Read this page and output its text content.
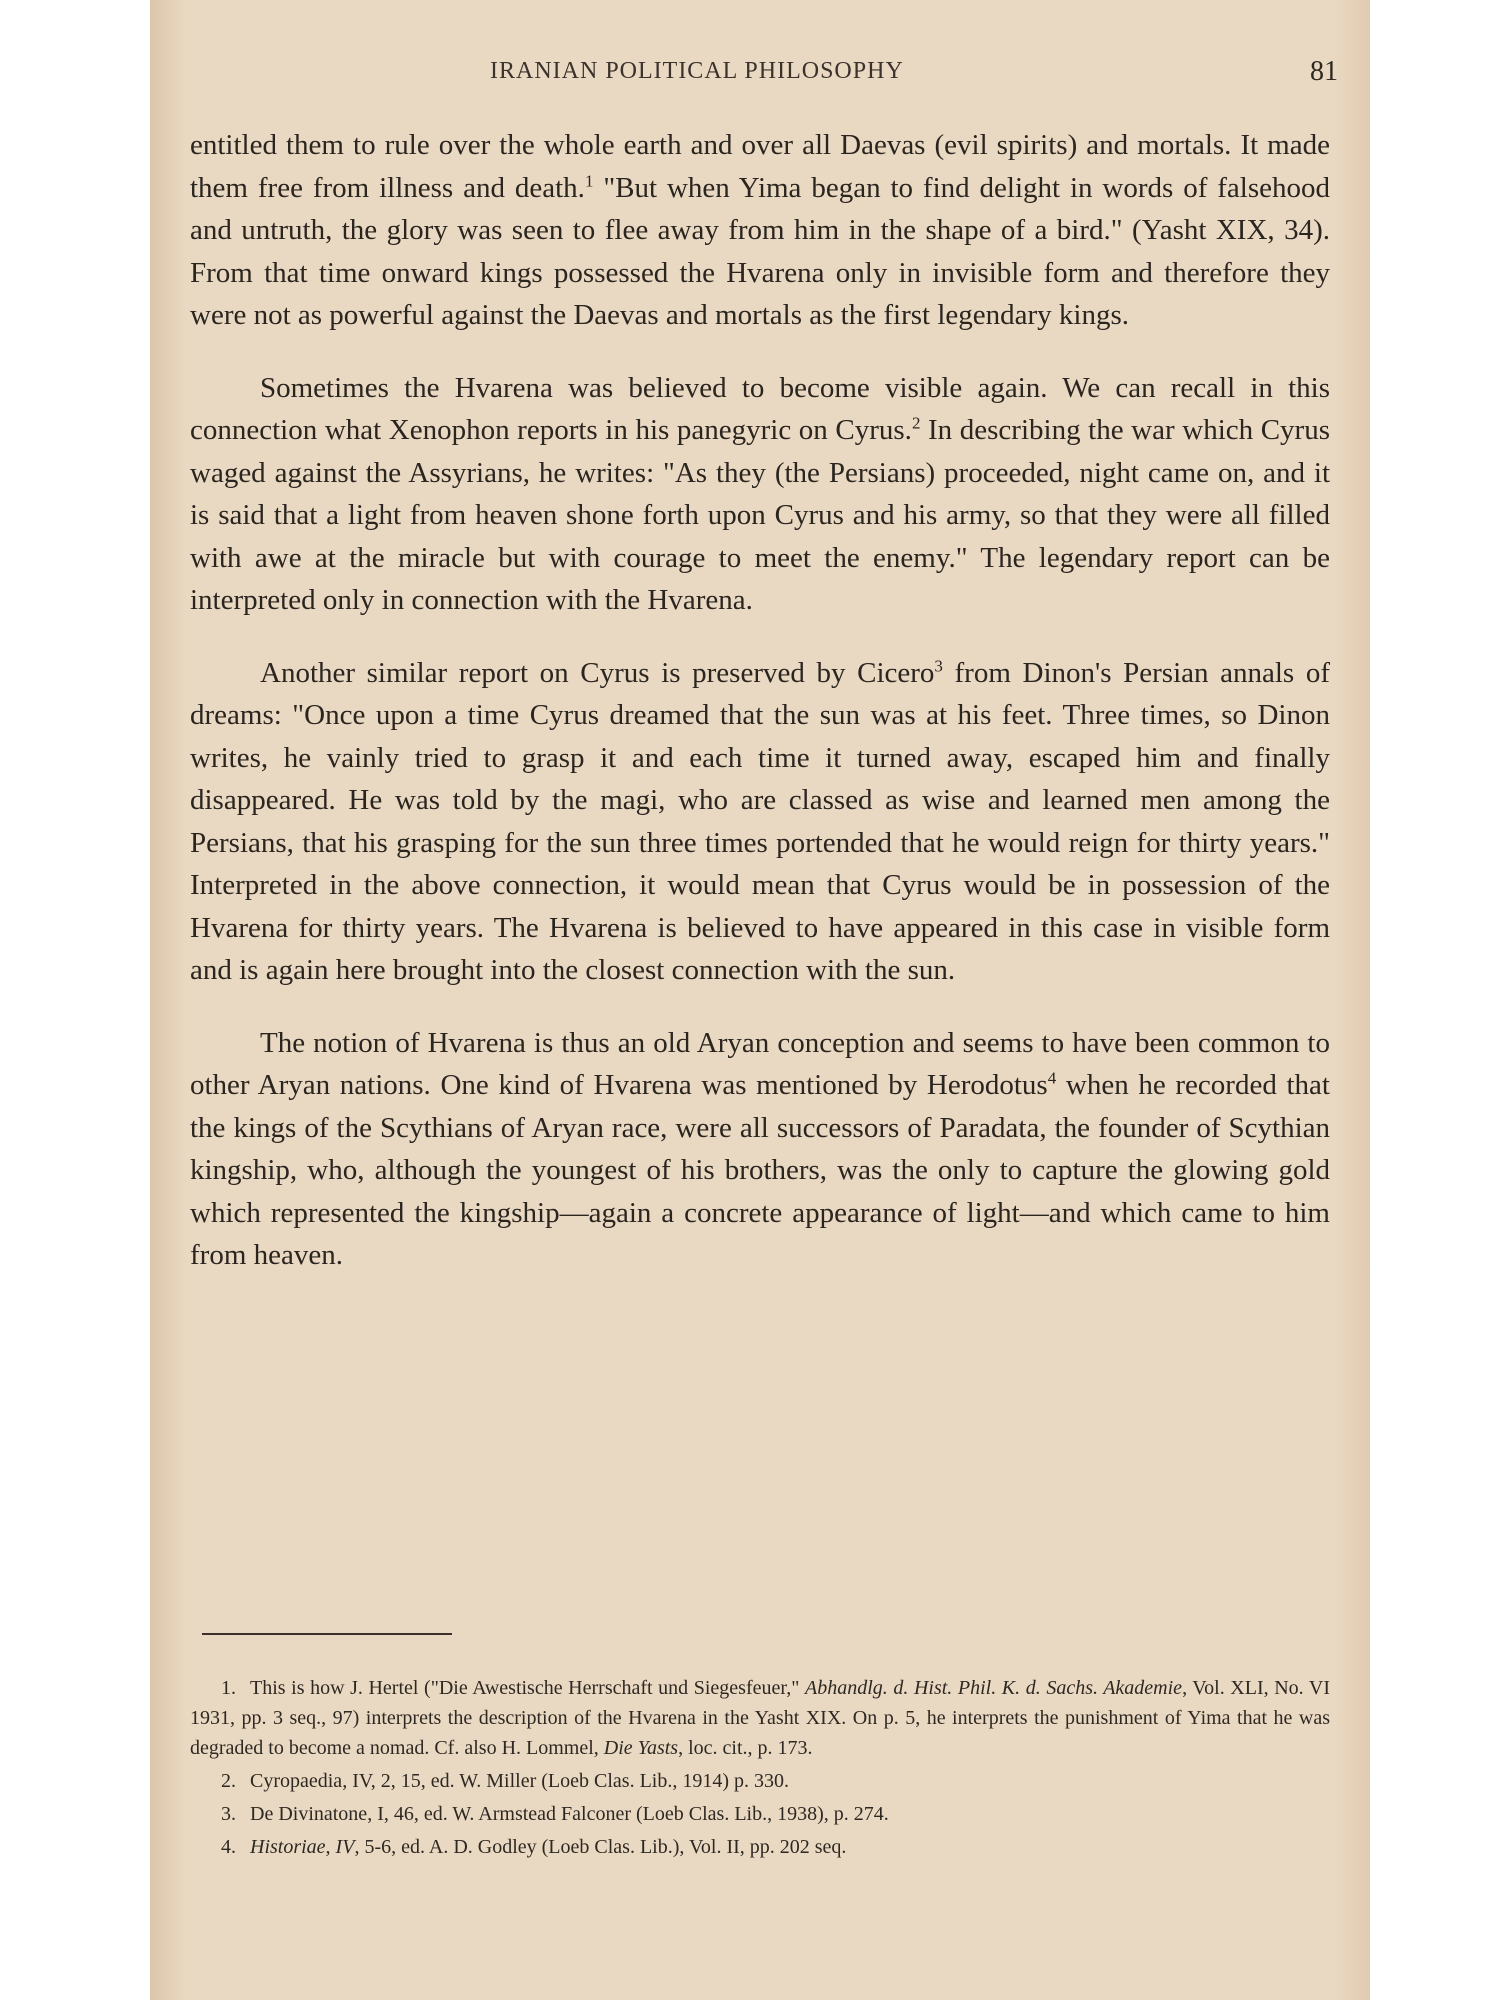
IRANIAN POLITICAL PHILOSOPHY	81

entitled them to rule over the whole earth and over all Daevas (evil spirits) and mortals. It made them free from illness and death.$^1$ "But when Yima began to find delight in words of falsehood and untruth, the glory was seen to flee away from him in the shape of a bird." (Yasht XIX, 34). From that time onward kings possessed the Hvarena only in invisible form and therefore they were not as powerful against the Daevas and mortals as the first legendary kings.

Sometimes the Hvarena was believed to become visible again. We can recall in this connection what Xenophon reports in his panegyric on Cyrus.$^2$ In describing the war which Cyrus waged against the Assyrians, he writes: "As they (the Persians) proceeded, night came on, and it is said that a light from heaven shone forth upon Cyrus and his army, so that they were all filled with awe at the miracle but with courage to meet the enemy." The legendary report can be interpreted only in connection with the Hvarena.

Another similar report on Cyrus is preserved by Cicero$^3$ from Dinon's Persian annals of dreams: "Once upon a time Cyrus dreamed that the sun was at his feet. Three times, so Dinon writes, he vainly tried to grasp it and each time it turned away, escaped him and finally disappeared. He was told by the magi, who are classed as wise and learned men among the Persians, that his grasping for the sun three times portended that he would reign for thirty years." Interpreted in the above connection, it would mean that Cyrus would be in possession of the Hvarena for thirty years. The Hvarena is believed to have appeared in this case in visible form and is again here brought into the closest connection with the sun.

The notion of Hvarena is thus an old Aryan conception and seems to have been common to other Aryan nations. One kind of Hvarena was mentioned by Herodotus$^4$ when he recorded that the kings of the Scythians of Aryan race, were all successors of Paradata, the founder of Scythian kingship, who, although the youngest of his brothers, was the only to capture the glowing gold which represented the kingship—again a concrete appearance of light—and which came to him from heaven.

1. This is how J. Hertel ("Die Awestische Herrschaft und Siegesfeuer," Abhandlg. d. Hist. Phil. K. d. Sachs. Akademie, Vol. XLI, No. VI 1931, pp. 3 seq., 97) interprets the description of the Hvarena in the Yasht XIX. On p. 5, he interprets the punishment of Yima that he was degraded to become a nomad. Cf. also H. Lommel, Die Yasts, loc. cit., p. 173.

2. Cyropaedia, IV, 2, 15, ed. W. Miller (Loeb Clas. Lib., 1914) p. 330.

3. De Divinatone, I, 46, ed. W. Armstead Falconer (Loeb Clas. Lib., 1938), p. 274.

4. Historiae, IV, 5-6, ed. A. D. Godley (Loeb Clas. Lib.), Vol. II, pp. 202 seq.
